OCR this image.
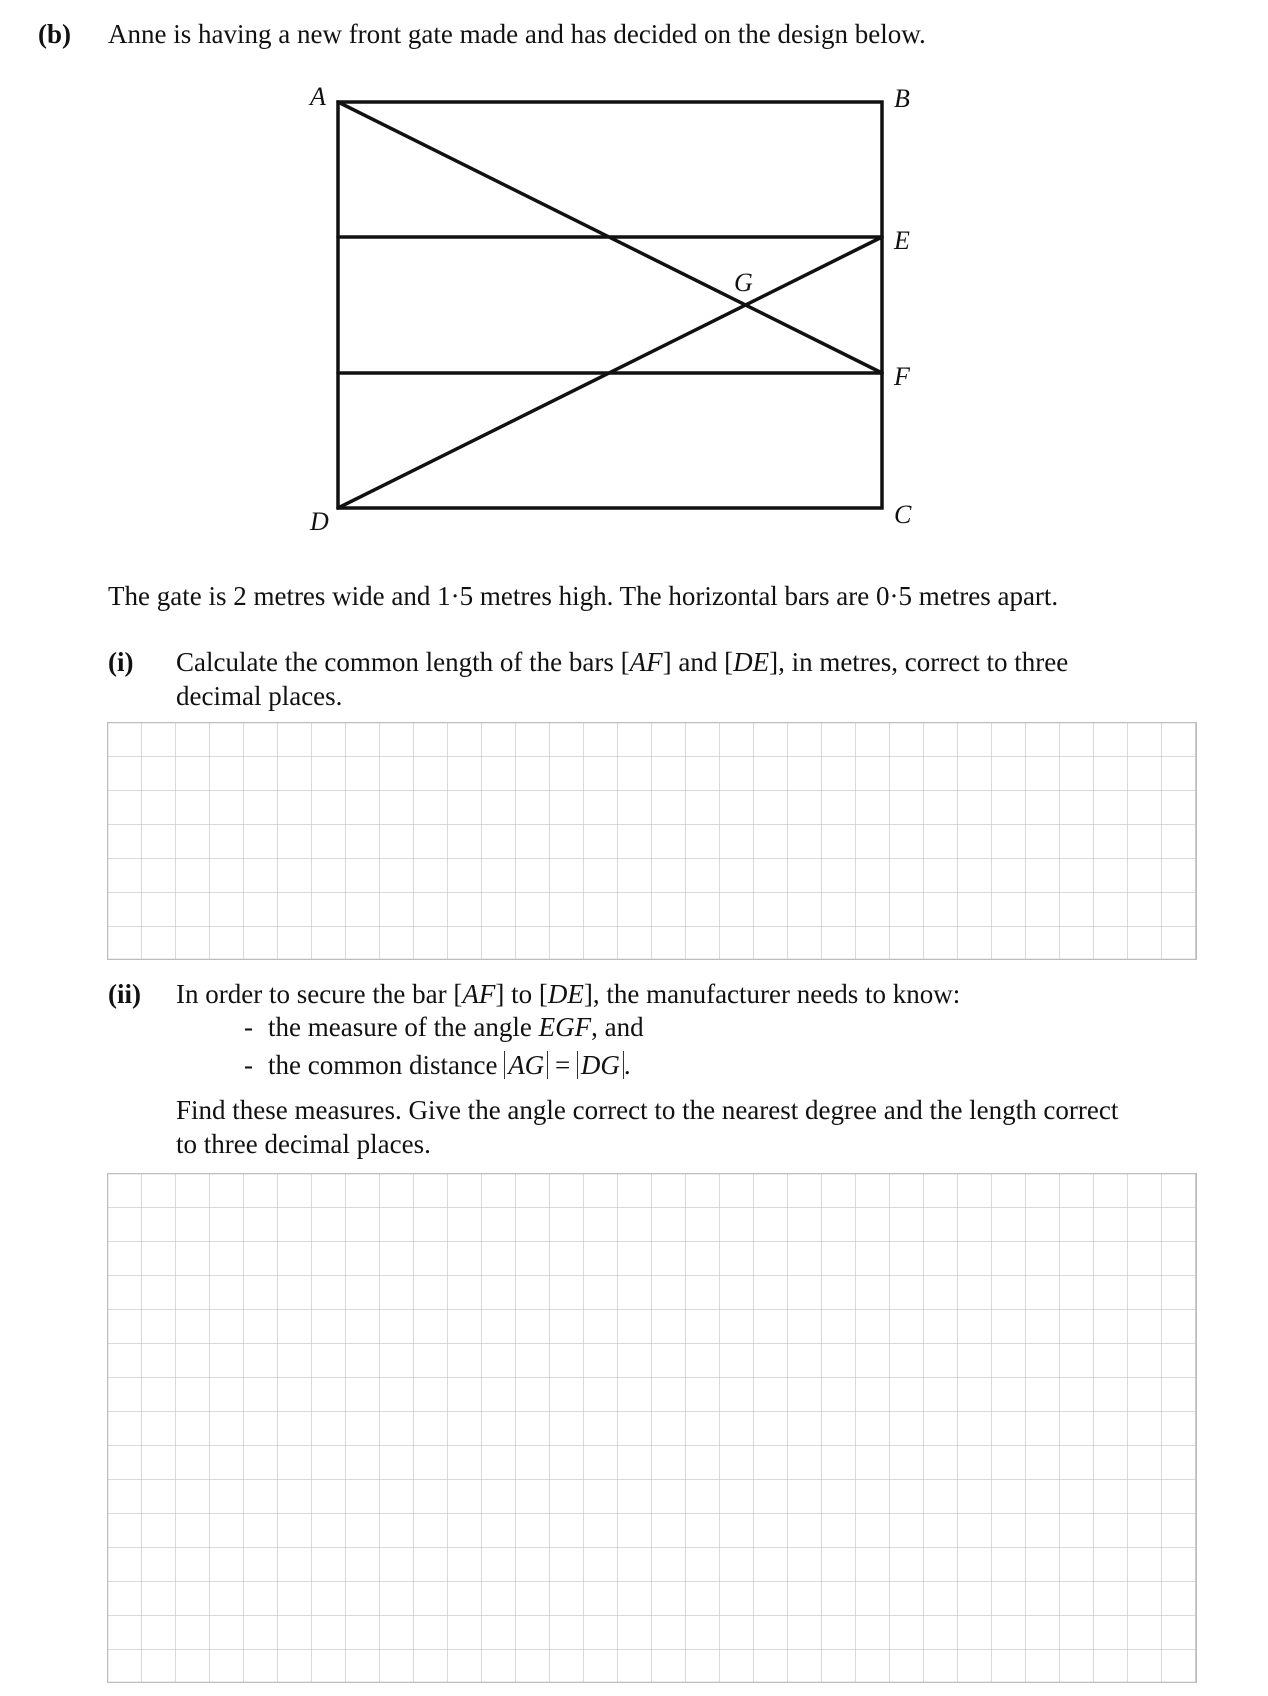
(b) Anne is having a new front gate made and has decided on the design below.
A	B
E
G
F
C
D
The gate is 2 metres wide and 1·5 metres high. The horizontal bars are 0·5 metres apart.
(i) Calculate the common length of the bars [AF] and [DE], in metres, correct to three
decimal places.
(ii) In order to secure the bar [AF] to [DE], the manufacturer needs to know:
- the measure of the angle EGF, and
- the common distance AG = DG .
Find these measures. Give the angle correct to the nearest degree and the length correct
to three decimal places.
